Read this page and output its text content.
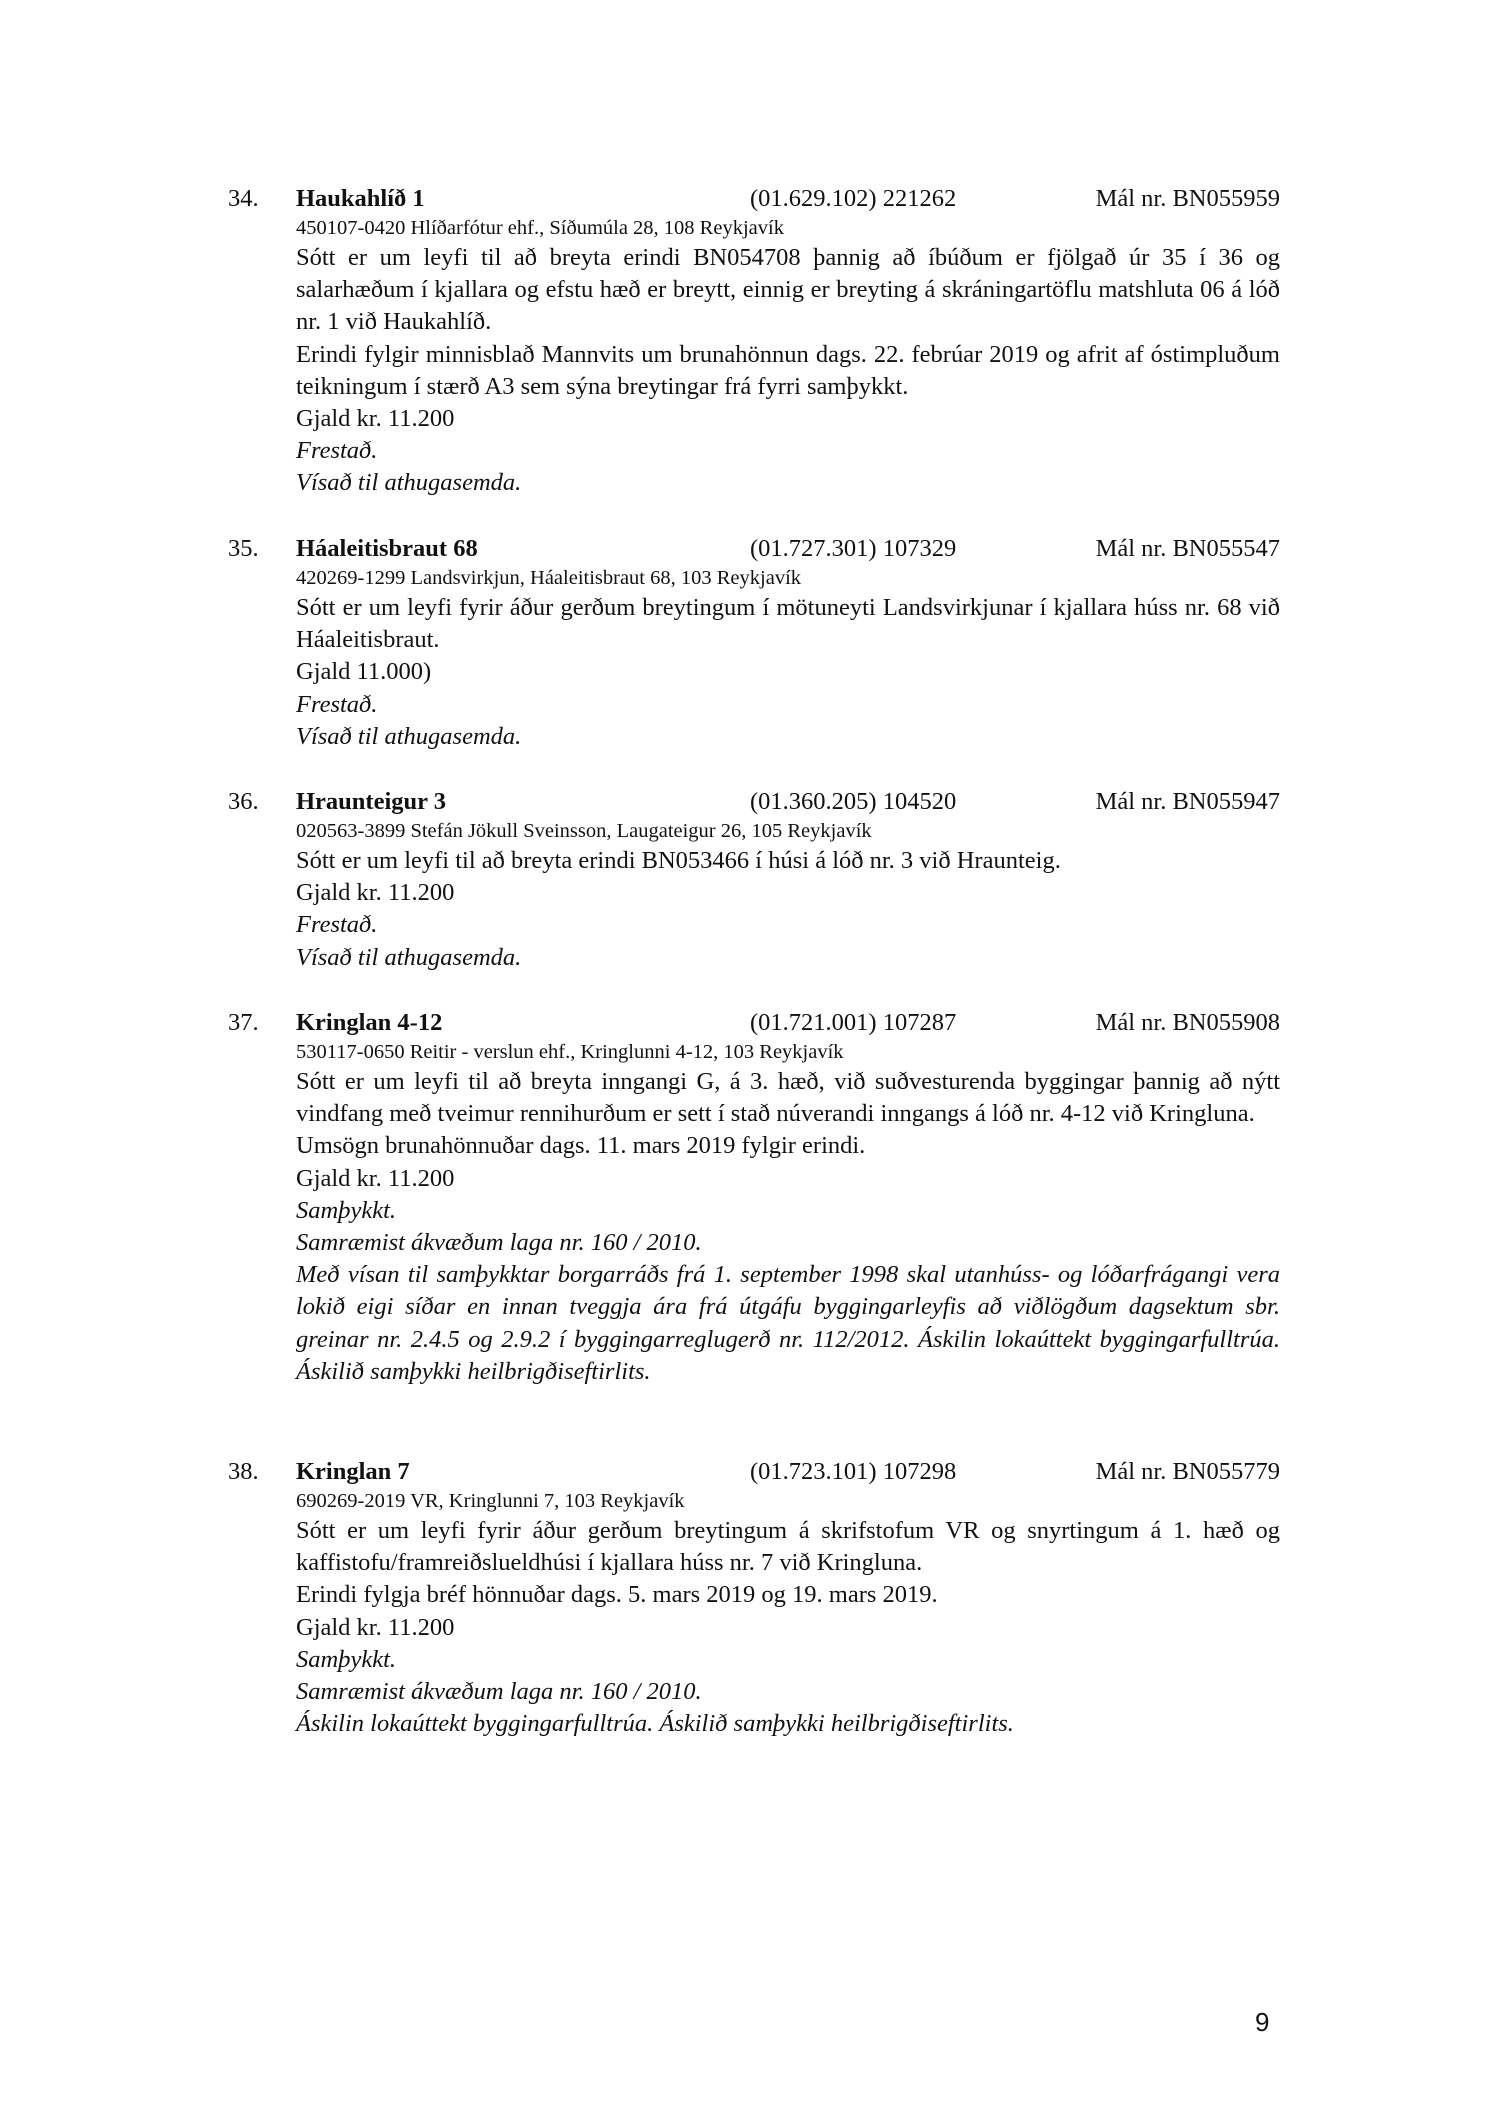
34. Haukahlíð 1	(01.629.102) 221262	Mál nr. BN055959
450107-0420 Hlíðarfótur ehf., Síðumúla 28, 108 Reykjavík
Sótt er um leyfi til að breyta erindi BN054708 þannig að íbúðum er fjölgað úr 35 í 36 og salarhæðum í kjallara og efstu hæð er breytt, einnig er breyting á skráningartöflu matshluta 06 á lóð nr. 1 við Haukahlíð.
Erindi fylgir minnisblað Mannvits um brunahönnun dags. 22. febrúar 2019 og afrit af óstimpluðum teikningum í stærð A3 sem sýna breytingar frá fyrri samþykkt.
Gjald kr. 11.200
Frestað.
Vísað til athugasemda.
35. Háaleitisbraut 68	(01.727.301) 107329	Mál nr. BN055547
420269-1299 Landsvirkjun, Háaleitisbraut 68, 103 Reykjavík
Sótt er um leyfi fyrir áður gerðum breytingum í mötuneyti Landsvirkjunar í kjallara húss nr. 68 við Háaleitisbraut.
Gjald 11.000)
Frestað.
Vísað til athugasemda.
36. Hraunteigur 3	(01.360.205) 104520	Mál nr. BN055947
020563-3899 Stefán Jökull Sveinsson, Laugateigur 26, 105 Reykjavík
Sótt er um leyfi til að breyta erindi BN053466 í húsi á lóð nr. 3 við Hraunteig.
Gjald kr. 11.200
Frestað.
Vísað til athugasemda.
37. Kringlan 4-12	(01.721.001) 107287	Mál nr. BN055908
530117-0650 Reitir - verslun ehf., Kringlunni 4-12, 103 Reykjavík
Sótt er um leyfi til að breyta inngangi G, á 3. hæð, við suðvesturenda byggingar þannig að nýtt vindfang með tveimur rennihurðum er sett í stað núverandi inngangs á lóð nr. 4-12 við Kringluna.
Umsögn brunahönnuðar dags. 11. mars 2019 fylgir erindi.
Gjald kr. 11.200
Samþykkt.
Samræmist ákvæðum laga nr. 160 / 2010.
Með vísan til samþykktar borgarráðs frá 1. september 1998 skal utanhúss- og lóðarfrágangi vera lokið eigi síðar en innan tveggja ára frá útgáfu byggingarleyfis að viðlögðum dagsektum sbr. greinar nr. 2.4.5 og 2.9.2 í byggingarreglugerð nr. 112/2012. Áskilin lokaúttekt byggingarfulltrúa. Áskilið samþykki heilbrigðiseftirlits.
38. Kringlan 7	(01.723.101) 107298	Mál nr. BN055779
690269-2019 VR, Kringlunni 7, 103 Reykjavík
Sótt er um leyfi fyrir áður gerðum breytingum á skrifstofum VR og snyrtingum á 1. hæð og kaffistofu/framreiðslueldhúsi í kjallara húss nr. 7 við Kringluna.
Erindi fylgja bréf hönnuðar dags. 5. mars 2019 og 19. mars 2019.
Gjald kr. 11.200
Samþykkt.
Samræmist ákvæðum laga nr. 160 / 2010.
Áskilin lokaúttekt byggingarfulltrúa. Áskilið samþykki heilbrigðiseftirlits.
9
